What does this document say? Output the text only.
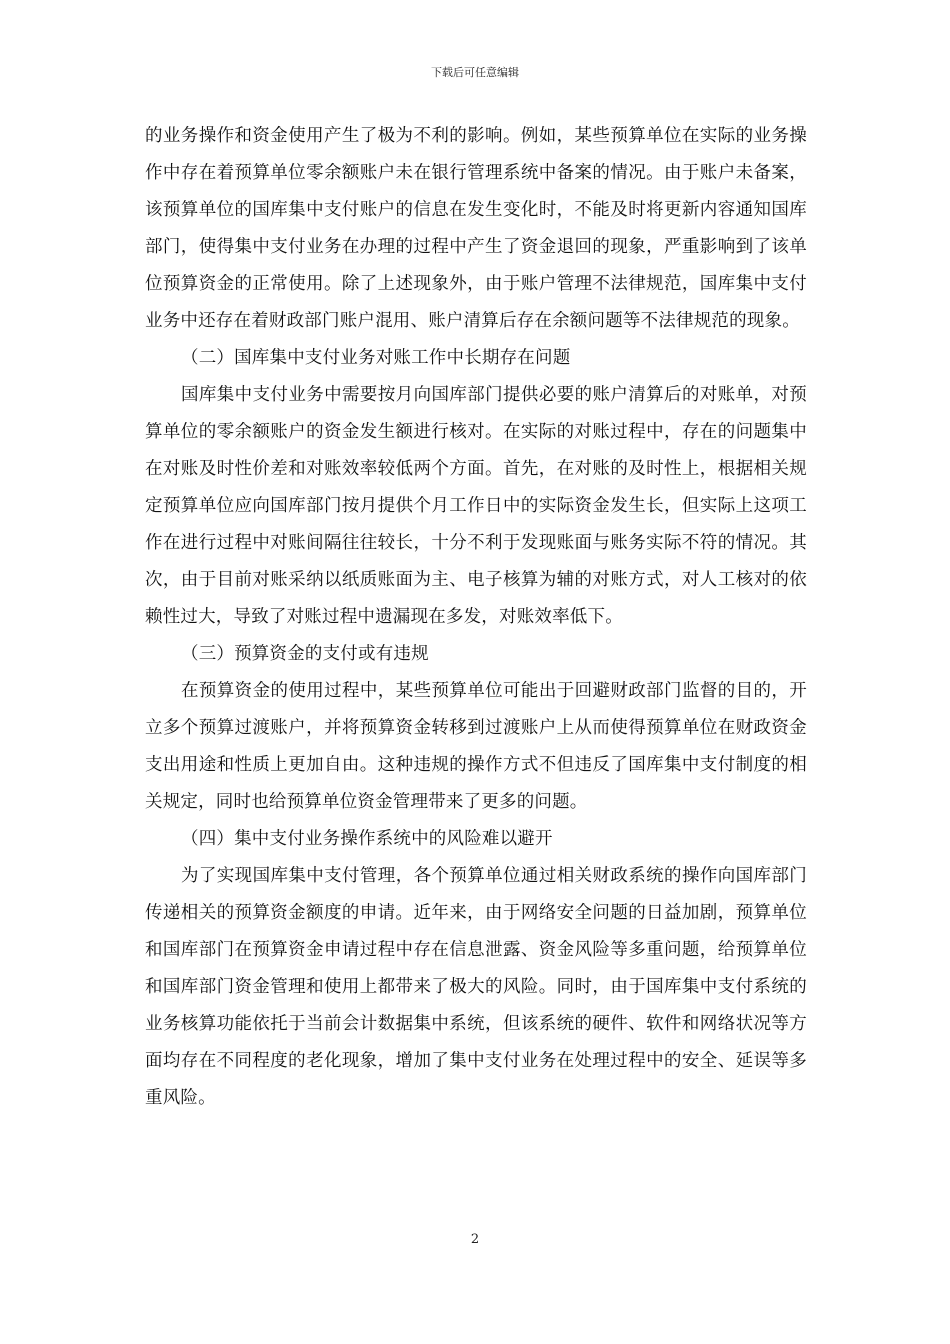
下载后可任意编辑

的业务操作和资金使用产生了极为不利的影响。例如，某些预算单位在实际的业务操作中存在着预算单位零余额账户未在银行管理系统中备案的情况。由于账户未备案，该预算单位的国库集中支付账户的信息在发生变化时，不能及时将更新内容通知国库部门，使得集中支付业务在办理的过程中产生了资金退回的现象，严重影响到了该单位预算资金的正常使用。除了上述现象外，由于账户管理不法律规范，国库集中支付业务中还存在着财政部门账户混用、账户清算后存在余额问题等不法律规范的现象。

（二）国库集中支付业务对账工作中长期存在问题

国库集中支付业务中需要按月向国库部门提供必要的账户清算后的对账单，对预算单位的零余额账户的资金发生额进行核对。在实际的对账过程中，存在的问题集中在对账及时性价差和对账效率较低两个方面。首先，在对账的及时性上，根据相关规定预算单位应向国库部门按月提供个月工作日中的实际资金发生长，但实际上这项工作在进行过程中对账间隔往往较长，十分不利于发现账面与账务实际不符的情况。其次，由于目前对账采纳以纸质账面为主、电子核算为辅的对账方式，对人工核对的依赖性过大，导致了对账过程中遗漏现在多发，对账效率低下。

（三）预算资金的支付或有违规

在预算资金的使用过程中，某些预算单位可能出于回避财政部门监督的目的，开立多个预算过渡账户，并将预算资金转移到过渡账户上从而使得预算单位在财政资金支出用途和性质上更加自由。这种违规的操作方式不但违反了国库集中支付制度的相关规定，同时也给预算单位资金管理带来了更多的问题。

（四）集中支付业务操作系统中的风险难以避开

为了实现国库集中支付管理，各个预算单位通过相关财政系统的操作向国库部门传递相关的预算资金额度的申请。近年来，由于网络安全问题的日益加剧，预算单位和国库部门在预算资金申请过程中存在信息泄露、资金风险等多重问题，给预算单位和国库部门资金管理和使用上都带来了极大的风险。同时，由于国库集中支付系统的业务核算功能依托于当前会计数据集中系统，但该系统的硬件、软件和网络状况等方面均存在不同程度的老化现象，增加了集中支付业务在处理过程中的安全、延误等多重风险。

2
